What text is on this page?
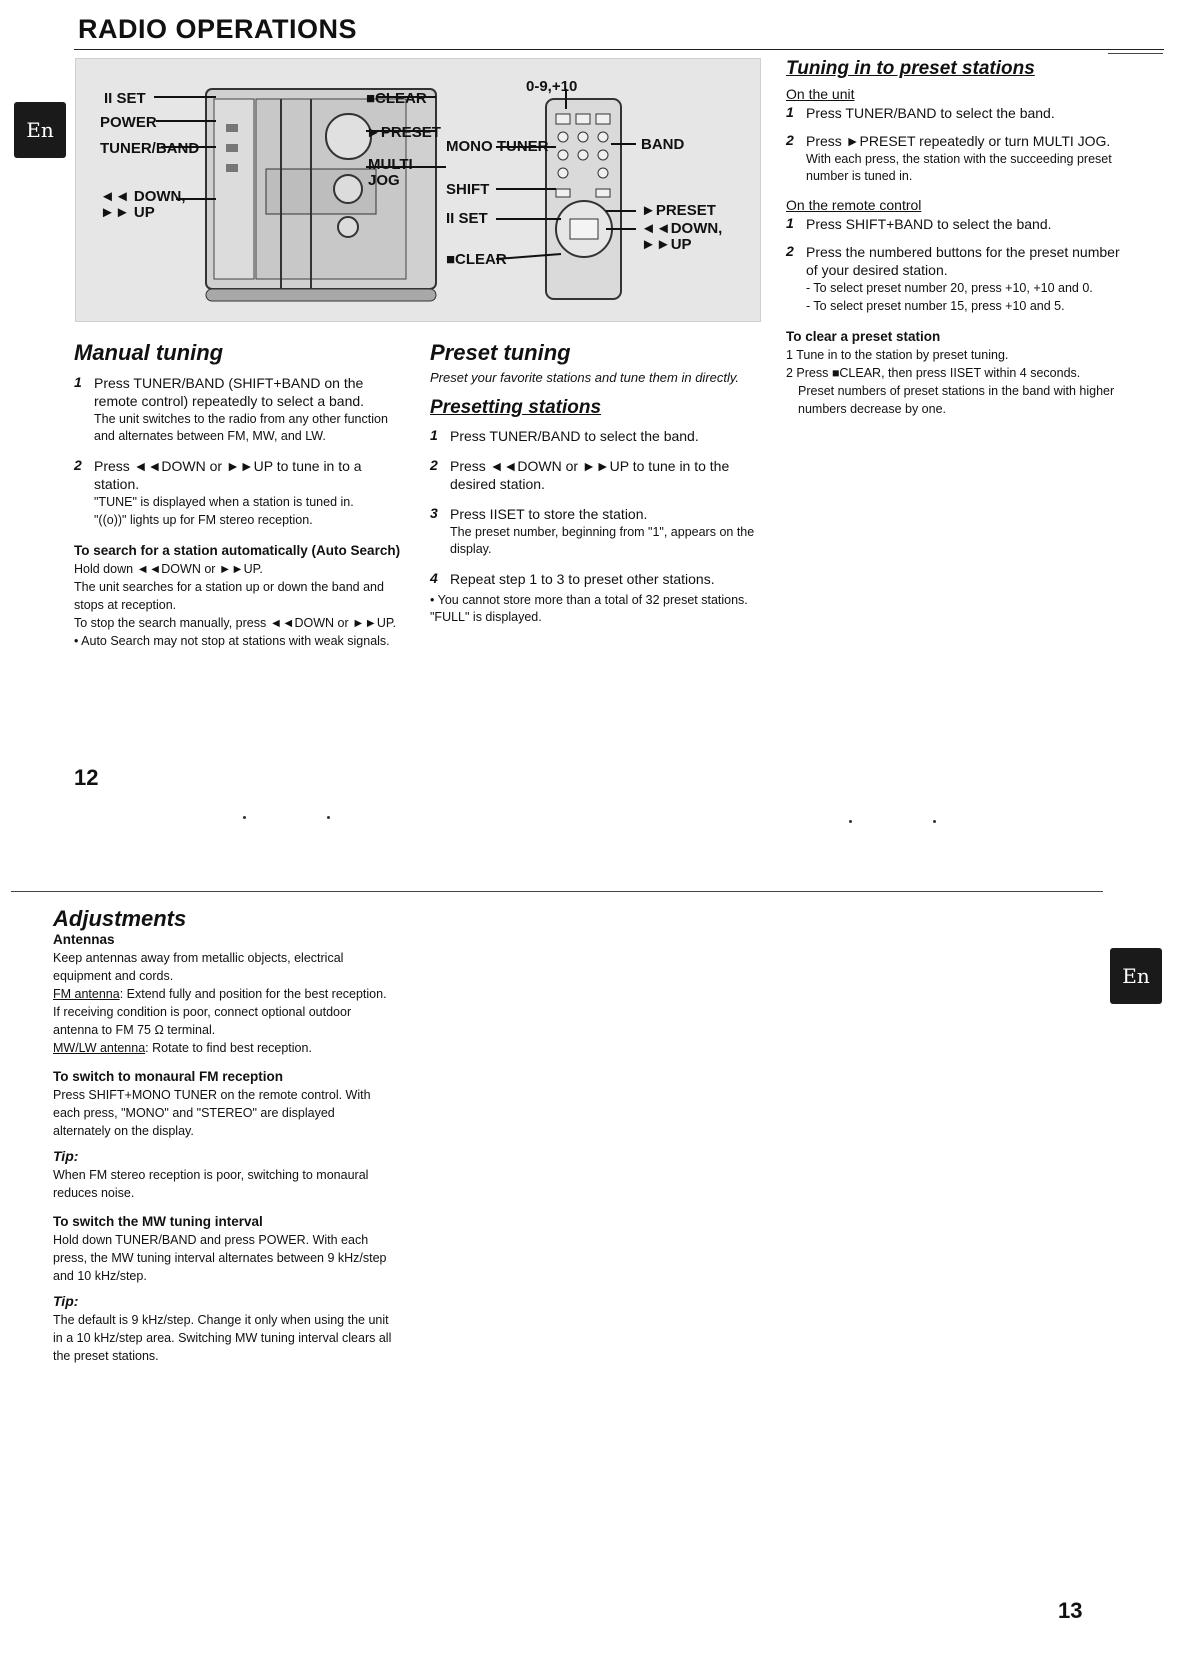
RADIO OPERATIONS
En
En
II SET
POWER
TUNER/BAND
◄◄ DOWN,
►► UP
■CLEAR
►PRESET
MULTI
JOG
0-9,+10
MONO TUNER	BAND
SHIFT
II SET	►PRESET
◄◄DOWN,
►►UP
■CLEAR
Manual tuning
1 Press TUNER/BAND (SHIFT+BAND on the remote control) repeatedly to select a band.

The unit switches to the radio from any other function and alternates between FM, MW, and LW.

2 Press ◄◄DOWN or ►►UP to tune in to a station.

"TUNE" is displayed when a station is tuned in.

"((o))" lights up for FM stereo reception.

To search for a station automatically (Auto Search)

Hold down ◄◄DOWN or ►►UP.

The unit searches for a station up or down the band and stops at reception.

To stop the search manually, press ◄◄DOWN or ►►UP.

• Auto Search may not stop at stations with weak signals.

Preset tuning

Preset your favorite stations and tune them in directly.

Presetting stations
1 Press TUNER/BAND to select the band.

2 Press ◄◄DOWN or ►►UP to tune in to the desired station.

3 Press IISET to store the station.

The preset number, beginning from "1", appears on the display.

4 Repeat step 1 to 3 to preset other stations.

• You cannot store more than a total of 32 preset stations. "FULL" is displayed.

Tuning in to preset stations

On the unit

1 Press TUNER/BAND to select the band.

2 Press ►PRESET repeatedly or turn MULTI JOG.

With each press, the station with the succeeding preset number is tuned in.

On the remote control

1 Press SHIFT+BAND to select the band.

2 Press the numbered buttons for the preset number of your desired station.

- To select preset number 20, press +10, +10 and 0.

- To select preset number 15, press +10 and 5.

To clear a preset station

1 Tune in to the station by preset tuning.

2 Press ■CLEAR, then press IISET within 4 seconds.

Preset numbers of preset stations in the band with higher numbers decrease by one.

12
Adjustments

Antennas

Keep antennas away from metallic objects, electrical equipment and cords.

FM antenna: Extend fully and position for the best reception. If receiving condition is poor, connect optional outdoor antenna to FM 75 Ω terminal.

MW/LW antenna: Rotate to find best reception.

To switch to monaural FM reception

Press SHIFT+MONO TUNER on the remote control. With each press, "MONO" and "STEREO" are displayed alternately on the display.

Tip:

When FM stereo reception is poor, switching to monaural reduces noise.

To switch the MW tuning interval

Hold down TUNER/BAND and press POWER. With each press, the MW tuning interval alternates between 9 kHz/step and 10 kHz/step.

Tip:

The default is 9 kHz/step. Change it only when using the unit in a 10 kHz/step area. Switching MW tuning interval clears all the preset stations.

13
